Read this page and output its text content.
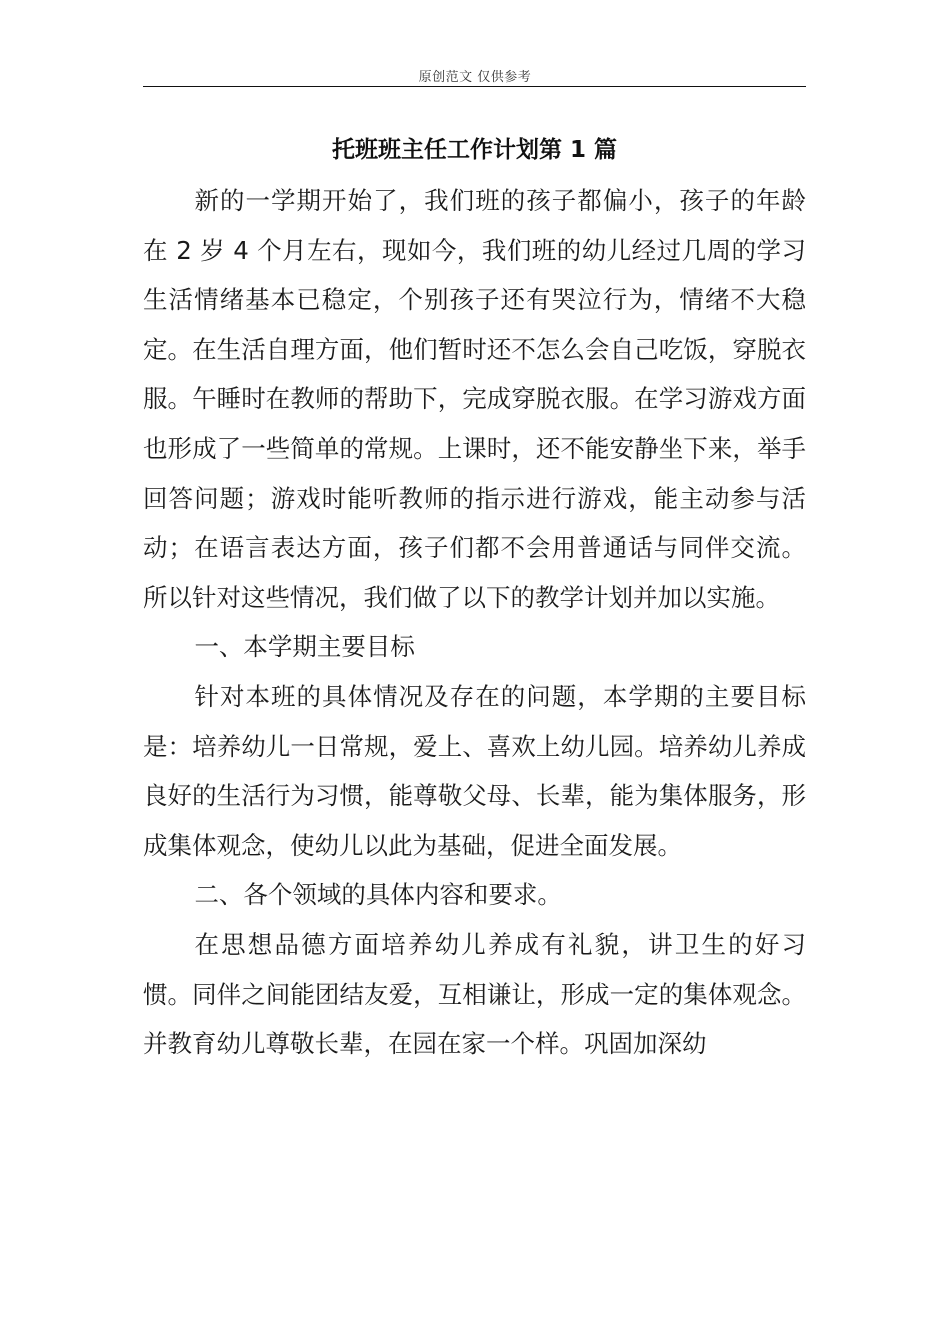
原创范文 仅供参考
托班班主任工作计划第 1 篇

新的一学期开始了，我们班的孩子都偏小，孩子的年龄在 2 岁 4 个月左右，现如今，我们班的幼儿经过几周的学习生活情绪基本已稳定，个别孩子还有哭泣行为，情绪不大稳定。在生活自理方面，他们暂时还不怎么会自己吃饭，穿脱衣服。午睡时在教师的帮助下，完成穿脱衣服。在学习游戏方面也形成了一些简单的常规。上课时，还不能安静坐下来，举手回答问题；游戏时能听教师的指示进行游戏，能主动参与活动；在语言表达方面，孩子们都不会用普通话与同伴交流。 所以针对这些情况，我们做了以下的教学计划并加以实施。

一、本学期主要目标

针对本班的具体情况及存在的问题，本学期的主要目标是：培养幼儿一日常规，爱上、喜欢上幼儿园。培养幼儿养成良好的生活行为习惯，能尊敬父母、长辈，能为集体服务，形成集体观念，使幼儿以此为基础，促进全面发展。

二、各个领域的具体内容和要求。

在思想品德方面培养幼儿养成有礼貌，讲卫生的好习惯。同伴之间能团结友爱，互相谦让，形成一定的集体观念。并教育幼儿尊敬长辈，在园在家一个样。巩固加深幼
